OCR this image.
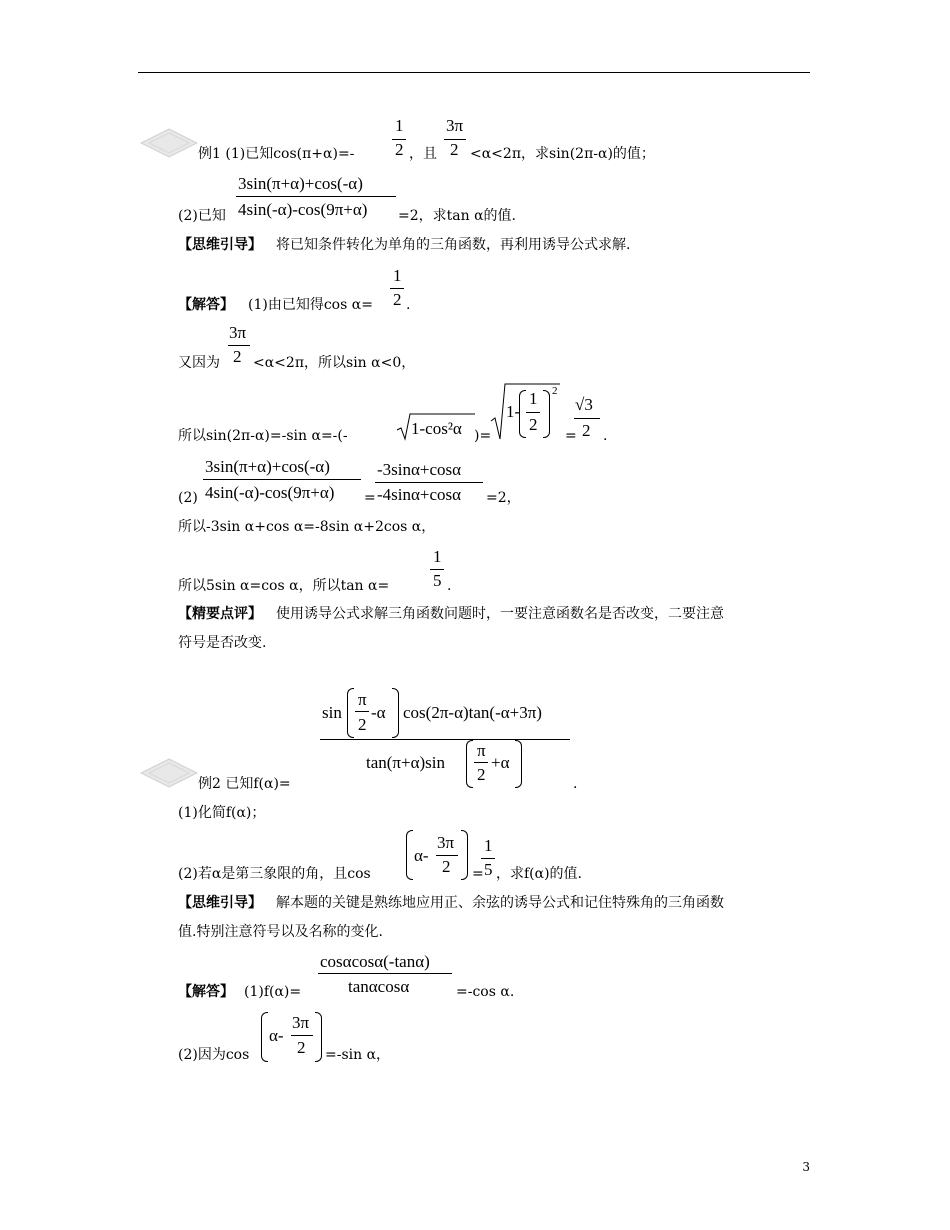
例1 (1)已知cos(π+α)=-
1
2 ，且
3π
2 <α<2π，求sin(2π-α)的值；
3sin(π+α)+cos(-α)
4sin(-α)-cos(9π+α)
(2)已知	=2，求tan α的值.
【思维引导】 将已知条件转化为单角的三角函数，再利用诱导公式求解.
【解答】 (1)由已知得cos α=
1
2 .
又因为
3π
2 <α<2π，所以sin α<0，
所以sin(2π-α)=-sin α=-(-	1-cos²α )=
1-
1
2
2
=
√3
2 .
(2)
3sin(π+α)+cos(-α)
4sin(-α)-cos(9π+α) =
-3sinα+cosα
-4sinα+cosα =2，
所以-3sin α+cos α=-8sin α+2cos α，
所以5sin α=cos α，所以tan α=
1
5 .
【精要点评】 使用诱导公式求解三角函数问题时，一要注意函数名是否改变，二要注意
符号是否改变.
sin
π
2
-α cos(2π-α)tan(-α+3π)
tan(π+α)sin
π
2
+α
例2 已知f(α)=	.
(1)化简f(α)；
(2)若α是第三象限的角，且cos
α-
3π
2 =
1
5 ，求f(α)的值.
【思维引导】 解本题的关键是熟练地应用正、余弦的诱导公式和记住特殊角的三角函数
值.特别注意符号以及名称的变化.
cosαcosα(-tanα)
tanαcosα
【解答】 (1)f(α)=	=-cos α.
(2)因为cos
α-
3π
2 =-sin α，
3
